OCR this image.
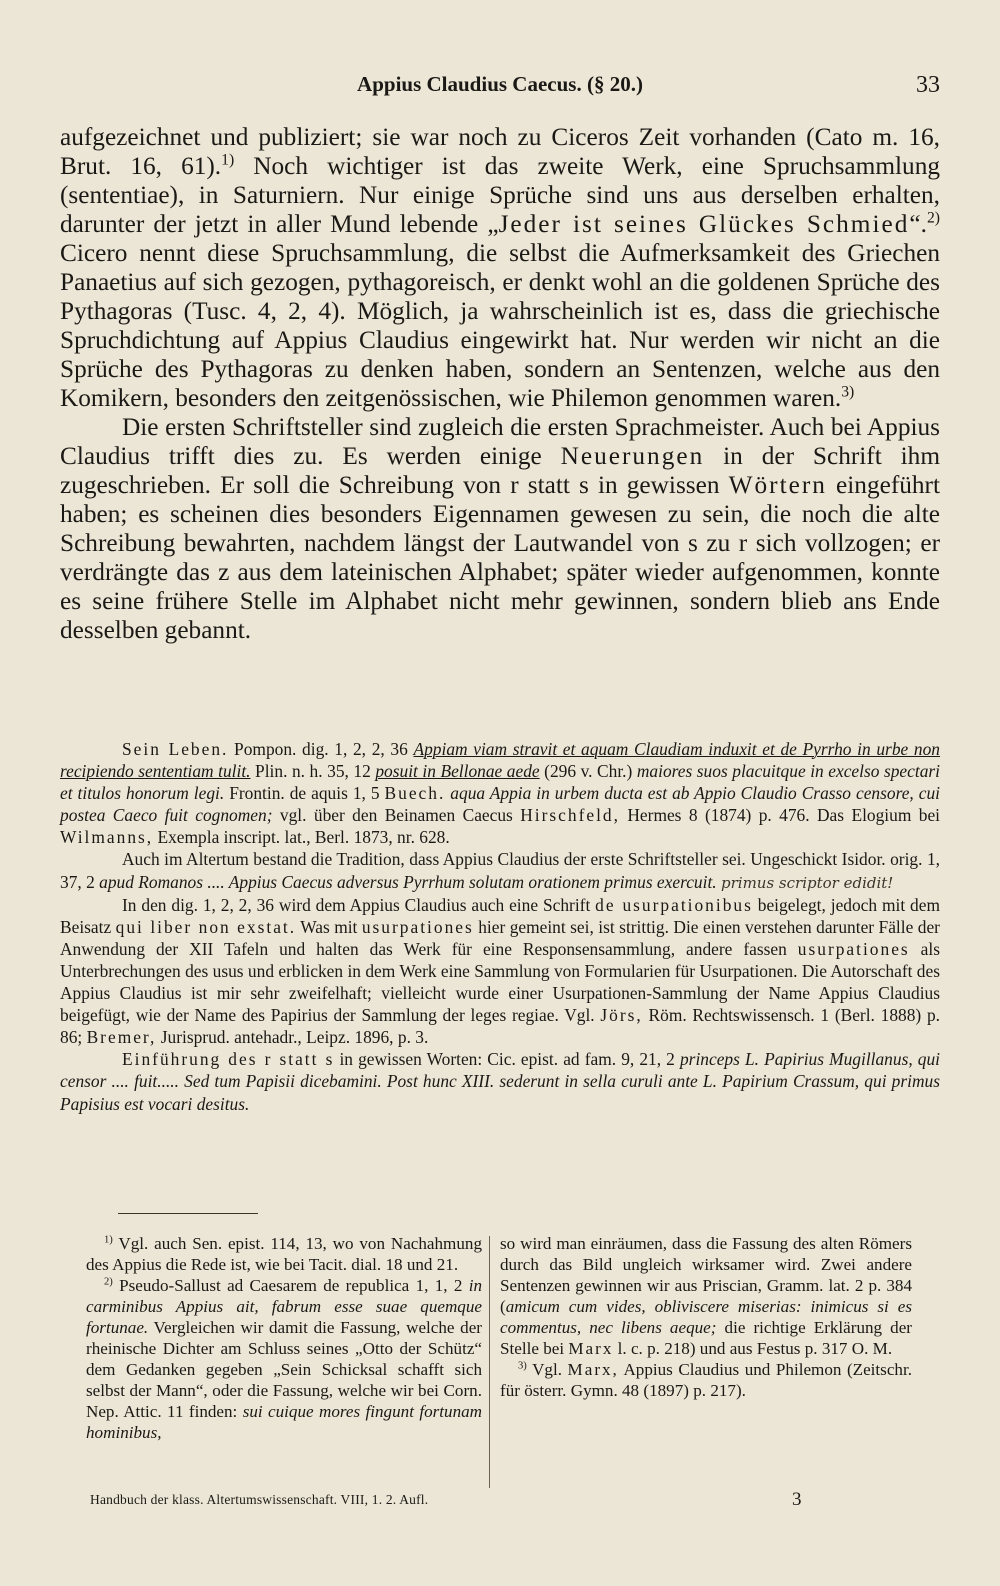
Appius Claudius Caecus. (§ 20.)	33

aufgezeichnet und publiziert; sie war noch zu Ciceros Zeit vorhanden (Cato m. 16, Brut. 16, 61).$^{1)}$ Noch wichtiger ist das zweite Werk, eine Spruchsammlung (sententiae), in Saturniern. Nur einige Sprüche sind uns aus derselben erhalten, darunter der jetzt in aller Mund lebende „Jeder ist seines Glückes Schmied“.$^{2)}$ Cicero nennt diese Spruchsammlung, die selbst die Aufmerksamkeit des Griechen Panaetius auf sich gezogen, pythagoreisch, er denkt wohl an die goldenen Sprüche des Pythagoras (Tusc. 4, 2, 4). Möglich, ja wahrscheinlich ist es, dass die griechische Spruchdichtung auf Appius Claudius eingewirkt hat. Nur werden wir nicht an die Sprüche des Pythagoras zu denken haben, sondern an Sentenzen, welche aus den Komikern, besonders den zeitgenössischen, wie Philemon genommen waren.$^{3)}$

Die ersten Schriftsteller sind zugleich die ersten Sprachmeister. Auch bei Appius Claudius trifft dies zu. Es werden einige Neuerungen in der Schrift ihm zugeschrieben. Er soll die Schreibung von r statt s in gewissen Wörtern eingeführt haben; es scheinen dies besonders Eigennamen gewesen zu sein, die noch die alte Schreibung bewahrten, nachdem längst der Lautwandel von s zu r sich vollzogen; er verdrängte das z aus dem lateinischen Alphabet; später wieder aufgenommen, konnte es seine frühere Stelle im Alphabet nicht mehr gewinnen, sondern blieb ans Ende desselben gebannt.

Sein Leben. Pompon. dig. 1, 2, 2, 36 Appiam viam stravit et aquam Claudiam induxit et de Pyrrho in urbe non recipiendo sententiam tulit. Plin. n. h. 35, 12 posuit in Bellonae aede (296 v. Chr.) maiores suos placuitque in excelso spectari et titulos honorum legi. Frontin. de aquis 1, 5 Buech. aqua Appia in urbem ducta est ab Appio Claudio Crasso censore, cui postea Caeco fuit cognomen; vgl. über den Beinamen Caecus Hirschfeld, Hermes 8 (1874) p. 476. Das Elogium bei Wilmanns, Exempla inscript. lat., Berl. 1873, nr. 628.

Auch im Altertum bestand die Tradition, dass Appius Claudius der erste Schriftsteller sei. Ungeschickt Isidor. orig. 1, 37, 2 apud Romanos .... Appius Caecus adversus Pyrrhum solutam orationem primus exercuit. primus scriptor edidit!

In den dig. 1, 2, 2, 36 wird dem Appius Claudius auch eine Schrift de usurpationibus beigelegt, jedoch mit dem Beisatz qui liber non exstat. Was mit usurpationes hier gemeint sei, ist strittig. Die einen verstehen darunter Fälle der Anwendung der XII Tafeln und halten das Werk für eine Responsensammlung, andere fassen usurpationes als Unterbrechungen des usus und erblicken in dem Werk eine Sammlung von Formularien für Usurpationen. Die Autorschaft des Appius Claudius ist mir sehr zweifelhaft; vielleicht wurde einer Usurpationen-Sammlung der Name Appius Claudius beigefügt, wie der Name des Papirius der Sammlung der leges regiae. Vgl. Jörs, Röm. Rechtswissensch. 1 (Berl. 1888) p. 86; Bremer, Jurisprud. antehadr., Leipz. 1896, p. 3.

Einführung des r statt s in gewissen Worten: Cic. epist. ad fam. 9, 21, 2 princeps L. Papirius Mugillanus, qui censor .... fuit..... Sed tum Papisii dicebamini. Post hunc XIII. sederunt in sella curuli ante L. Papirium Crassum, qui primus Papisius est vocari desitus.

$^{1)}$ Vgl. auch Sen. epist. 114, 13, wo von Nachahmung des Appius die Rede ist, wie bei Tacit. dial. 18 und 21.

$^{2)}$ Pseudo-Sallust ad Caesarem de republica 1, 1, 2 in carminibus Appius ait, fabrum esse suae quemque fortunae. Vergleichen wir damit die Fassung, welche der rheinische Dichter am Schluss seines „Otto der Schütz“ dem Gedanken gegeben „Sein Schicksal schafft sich selbst der Mann“, oder die Fassung, welche wir bei Corn. Nep. Attic. 11 finden: sui cuique mores fingunt fortunam hominibus,

so wird man einräumen, dass die Fassung des alten Römers durch das Bild ungleich wirksamer wird. Zwei andere Sentenzen gewinnen wir aus Priscian, Gramm. lat. 2 p. 384 (amicum cum vides, obliviscere miserias: inimicus si es commentus, nec libens aeque; die richtige Erklärung der Stelle bei Marx l. c. p. 218) und aus Festus p. 317 O. M.

$^{3)}$ Vgl. Marx, Appius Claudius und Philemon (Zeitschr. für österr. Gymn. 48 (1897) p. 217).

Handbuch der klass. Altertumswissenschaft. VIII, 1. 2. Aufl.	3
